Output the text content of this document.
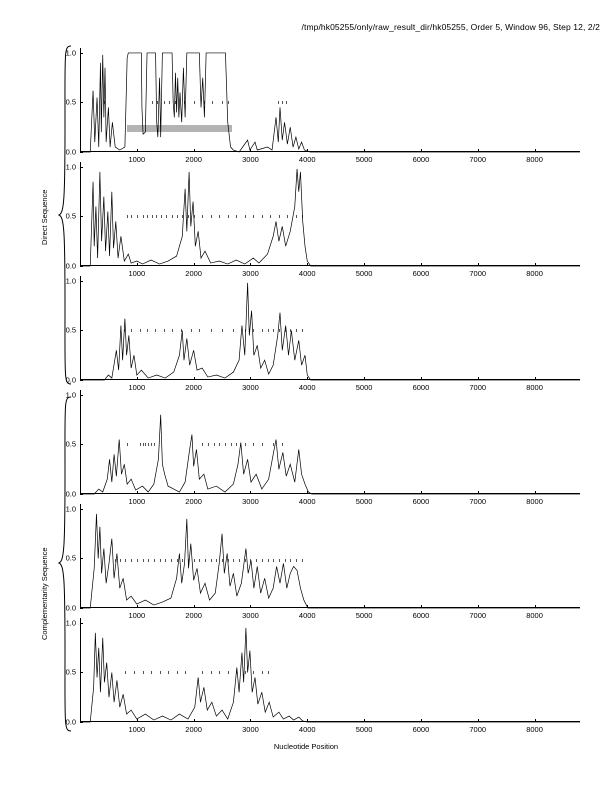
/tmp/hk05255/only/raw_result_dir/hk05255, Order 5, Window 96, Step 12, 2/2
Direct Sequence
Complementarity Sequence
1000	2000	3000	4000	5000	6000	7000	8000
0.0
0.5
1.0
1000	2000	3000	4000	5000	6000	7000	8000
0.0
0.5
1.0
1000	2000	3000	4000	5000	6000	7000	8000
0.0
0.5
1.0
1000	2000	3000	4000	5000	6000	7000	8000
0.0
0.5
1.0
1000	2000	3000	4000	5000	6000	7000	8000
0.0
0.5
1.0
1000	2000	3000	4000	5000	6000	7000	8000
0.0
0.5
1.0
Nucleotide Position
